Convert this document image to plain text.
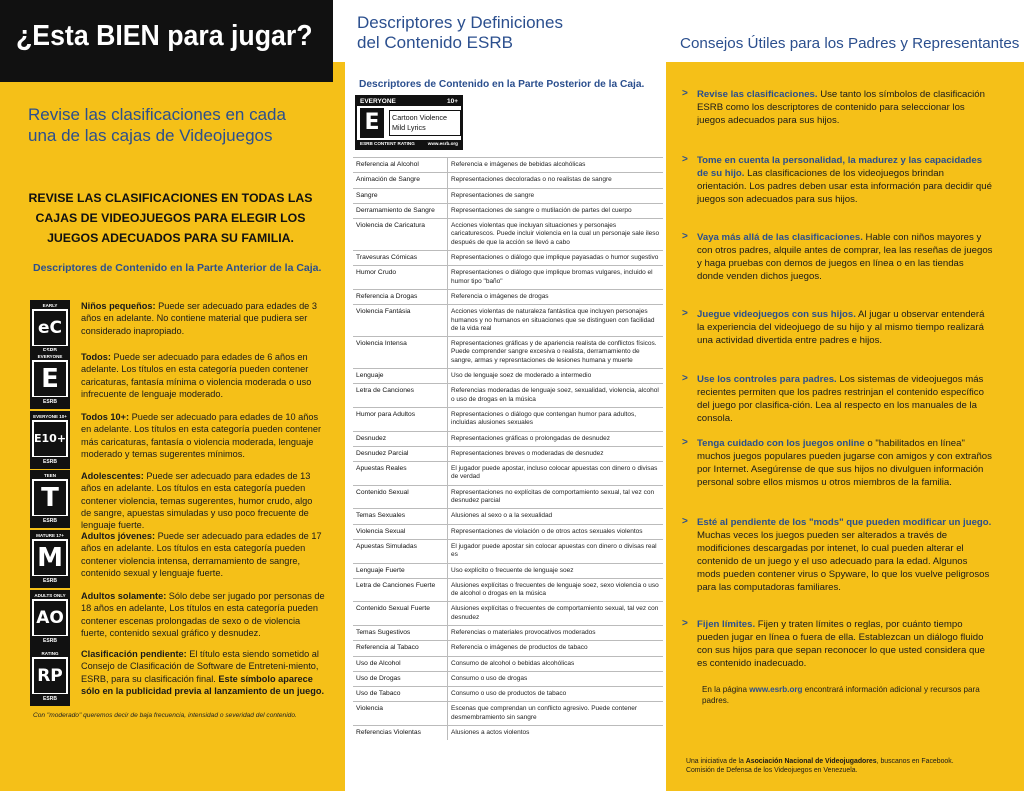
¿Esta BIEN para jugar?
Revise las clasificaciones en cada una de las cajas de Videojuegos
REVISE LAS CLASIFICACIONES EN TODAS LAS CAJAS DE VIDEOJUEGOS PARA ELEGIR LOS JUEGOS ADECUADOS PARA SU FAMILIA.
Descriptores de Contenido en la Parte Anterior de la Caja.
EARLY
eC
Niños pequeños: Puede ser adecuado para edades de 3 años en adelante. No contiene material que pudiera ser considerado inapropiado.
EVERYONE
E
ESRB
Todos: Puede ser adecuado para edades de 6 años en adelante. Los títulos en esta categoría pueden contener caricaturas, fantasía mínima o violencia moderada o uso infrecuente de lenguaje moderado.
EVERYONE 10+
E10+
ESRB
Todos 10+: Puede ser adecuado para edades de 10 años en adelante. Los títulos en esta categoría pueden contener más caricaturas, fantasía o violencia moderada, lenguaje moderado y temas sugerentes mínimos.
TEEN
T
ESRB
Adolescentes: Puede ser adecuado para edades de 13 años en adelante. Los títulos en esta categoría pueden contener violencia, temas sugerentes, humor crudo, algo de sangre, apuestas simuladas y uso poco frecuente de lenguaje fuerte.
MATURE 17+
M
ESRB
Adultos jóvenes: Puede ser adecuado para edades de 17 años en adelante. Los títulos en esta categoría pueden contener violencia intensa, derramamiento de sangre, contenido sexual y lenguaje fuerte.
ADULTS ONLY
AO
ESRB
Adultos solamente: Sólo debe ser jugado por personas de 18 años en adelante, Los títulos en esta categoría pueden contener escenas prolongadas de sexo o de violencia fuerte, contenido sexual gráfico y desnudez.
RATING
RP
ESRB
Clasificación pendiente: El título esta siendo sometido al Consejo de Clasificación de Software de Entreteni-miento, ESRB, para su clasificación final. Este símbolo aparece sólo en la publicidad previa al lanzamiento de un juego.
Con "moderado" queremos decir de baja frecuencia, intensidad o severidad del contenido.
Descriptores y Definiciones
del Contenido ESRB
Descriptores de Contenido en la Parte Posterior de la Caja.
EVERYONE	10+
E	Cartoon Violence
Mild Lyrics
ESRB CONTENT RATING	www.esrb.org
Referencia al Alcohol	Referencia e imágenes de bebidas alcohólicas
Animación de Sangre	Representaciones decoloradas o no realistas de sangre
Sangre	Representaciones de sangre
Derramamiento de Sangre	Representaciones de sangre o mutilación de partes del cuerpo
Violencia de Caricatura	Acciones violentas que incluyan situaciones y personajes caricaturescos. Puede incluir violencia en la cual un personaje sale ileso después de que la acción se llevó a cabo
Travesuras Cómicas	Representaciones o diálogo que implique payasadas o humor sugestivo
Humor Crudo	Representaciones o diálogo que implique bromas vulgares, incluido el humor tipo "baño"
Referencia a Drogas	Referencia o imágenes de drogas
Violencia Fantásia	Acciones violentas de naturaleza fantástica que incluyen personajes humanos y no humanos en situaciones que se distinguen con facilidad de la vida real
Violencia Intensa	Representaciones gráficas y de apariencia realista de conflictos físicos. Puede comprender sangre excesiva o realista, derramamiento de sangre, armas y represntaciones de lesiones humana y muerte
Lenguaje	Uso de lenguaje soez de moderado a intermedio
Letra de Canciones	Referencias moderadas de lenguaje soez, sexualidad, violencia, alcohol o uso de drogas en la música
Humor para Adultos	Representaciones o diálogo que contengan humor para adultos, incluidas alusiones sexuales
Desnudez	Representaciones gráficas o prolongadas de desnudez
Desnudez Parcial	Representaciones breves o moderadas de desnudez
Apuestas Reales	El jugador puede apostar, incluso colocar apuestas con dinero o divisas de verdad
Contenido Sexual	Representaciones no explícitas de comportamiento sexual, tal vez con desnudez parcial
Temas Sexuales	Alusiones al sexo o a la sexualidad
Violencia Sexual	Representaciones de violación o de otros actos sexuales violentos
Apuestas Simuladas	El jugador puede apostar sin colocar apuestas con dinero o divisas real es
Lenguaje Fuerte	Uso explícito o frecuente de lenguaje soez
Letra de Canciones Fuerte	Alusiones explícitas o frecuentes de lenguaje soez, sexo violencia o uso de alcohol o drogas en la música
Contenido Sexual Fuerte	Alusiones explícitas o frecuentes de comportamiento sexual, tal vez con desnudez
Temas Sugestivos	Referencias o materiales provocativos moderados
Referencia al Tabaco	Referencia o imágenes de productos de tabaco
Uso de Alcohol	Consumo de alcohol o bebidas alcohólicas
Uso de Drogas	Consumo o uso de drogas
Uso de Tabaco	Consumo o uso de productos de tabaco
Violencia	Escenas que comprendan un conflicto agresivo. Puede contener desmembramiento sin sangre
Referencias Violentas	Alusiones a actos violentos
Consejos Útiles para los Padres y Representantes
> Revise las clasificaciones. Use tanto los símbolos de clasificación ESRB como los descriptores de contenido para seleccionar los juegos adecuados para sus hijos.
> Tome en cuenta la personalidad, la madurez y las capacidades de su hijo. Las clasificaciones de los videojuegos brindan orientación. Los padres deben usar esta información para decidir qué juegos son adecuados para sus hijos.
> Vaya más allá de las clasificaciones. Hable con niños mayores y con otros padres, alquile antes de comprar, lea las reseñas de juegos y haga pruebas con demos de juegos en línea o en las tiendas donde venden dichos juegos.
> Juegue videojuegos con sus hijos. Al jugar u observar entenderá la experiencia del videojuego de su hijo y al mismo tiempo realizará una actividad divertida entre padres e hijos.
> Use los controles para padres. Los sistemas de videojuegos más recientes permiten que los padres restrinjan el contenido específico del juego por clasifica-ción. Lea al respecto en los manuales de la consola.
> Tenga cuidado con los juegos online o "habilitados en línea" muchos juegos populares pueden jugarse con amigos y con extraños por Internet. Asegúrense de que sus hijos no divulguen información personal sobre ellos mismos u otros miembros de la familia.
> Esté al pendiente de los "mods" que pueden modificar un juego. Muchas veces los juegos pueden ser alterados a través de modificiones descargadas por intenet, lo cual pueden alterar el contenido de un juego y el uso adecuado para la edad. Algunos mods pueden contener virus o Spyware, lo que los vuelve peligrosos para las computadoras familiares.
> Fijen límites. Fijen y traten límites o reglas, por cuánto tiempo pueden jugar en línea o fuera de ella. Establezcan un diálogo fluido con sus hijos para que sepan reconocer lo que usted considera que es contenido inadecuado.
En la página www.esrb.org encontrará información adicional y recursos para padres.
Una iniciativa de la Asociación Nacional de Videojugadores, buscanos en Facebook.
Comisión de Defensa de los Videojuegos en Venezuela.
